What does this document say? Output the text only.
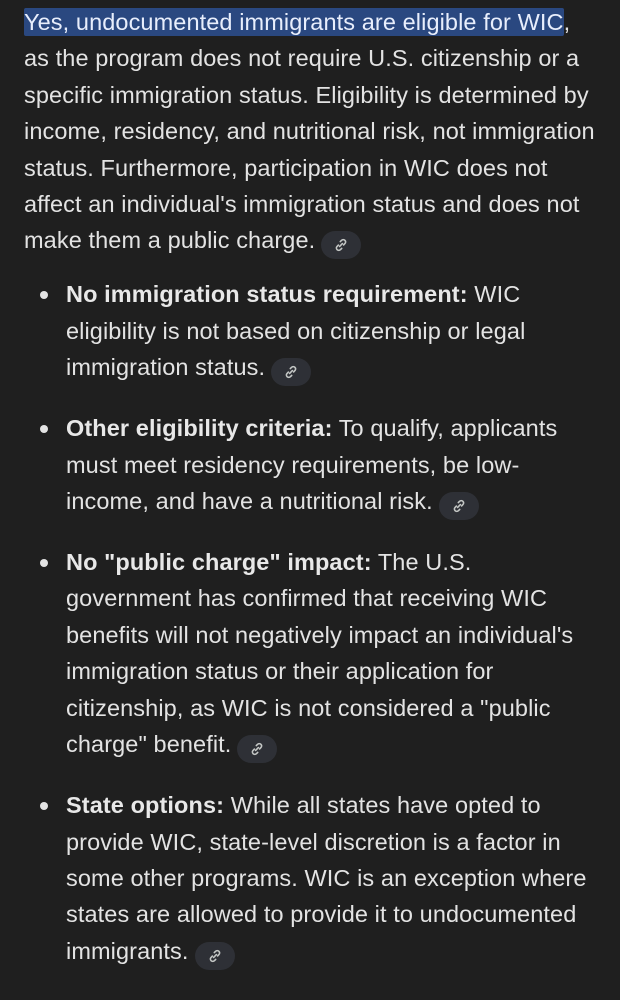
Yes, undocumented immigrants are eligible for WIC, as the program does not require U.S. citizenship or a specific immigration status. Eligibility is determined by income, residency, and nutritional risk, not immigration status. Furthermore, participation in WIC does not affect an individual's immigration status and does not make them a public charge.

No immigration status requirement: WIC eligibility is not based on citizenship or legal immigration status.
Other eligibility criteria: To qualify, applicants must meet residency requirements, be low-income, and have a nutritional risk.
No "public charge" impact: The U.S. government has confirmed that receiving WIC benefits will not negatively impact an individual's immigration status or their application for citizenship, as WIC is not considered a "public charge" benefit.
State options: While all states have opted to provide WIC, state-level discretion is a factor in some other programs. WIC is an exception where states are allowed to provide it to undocumented immigrants.
